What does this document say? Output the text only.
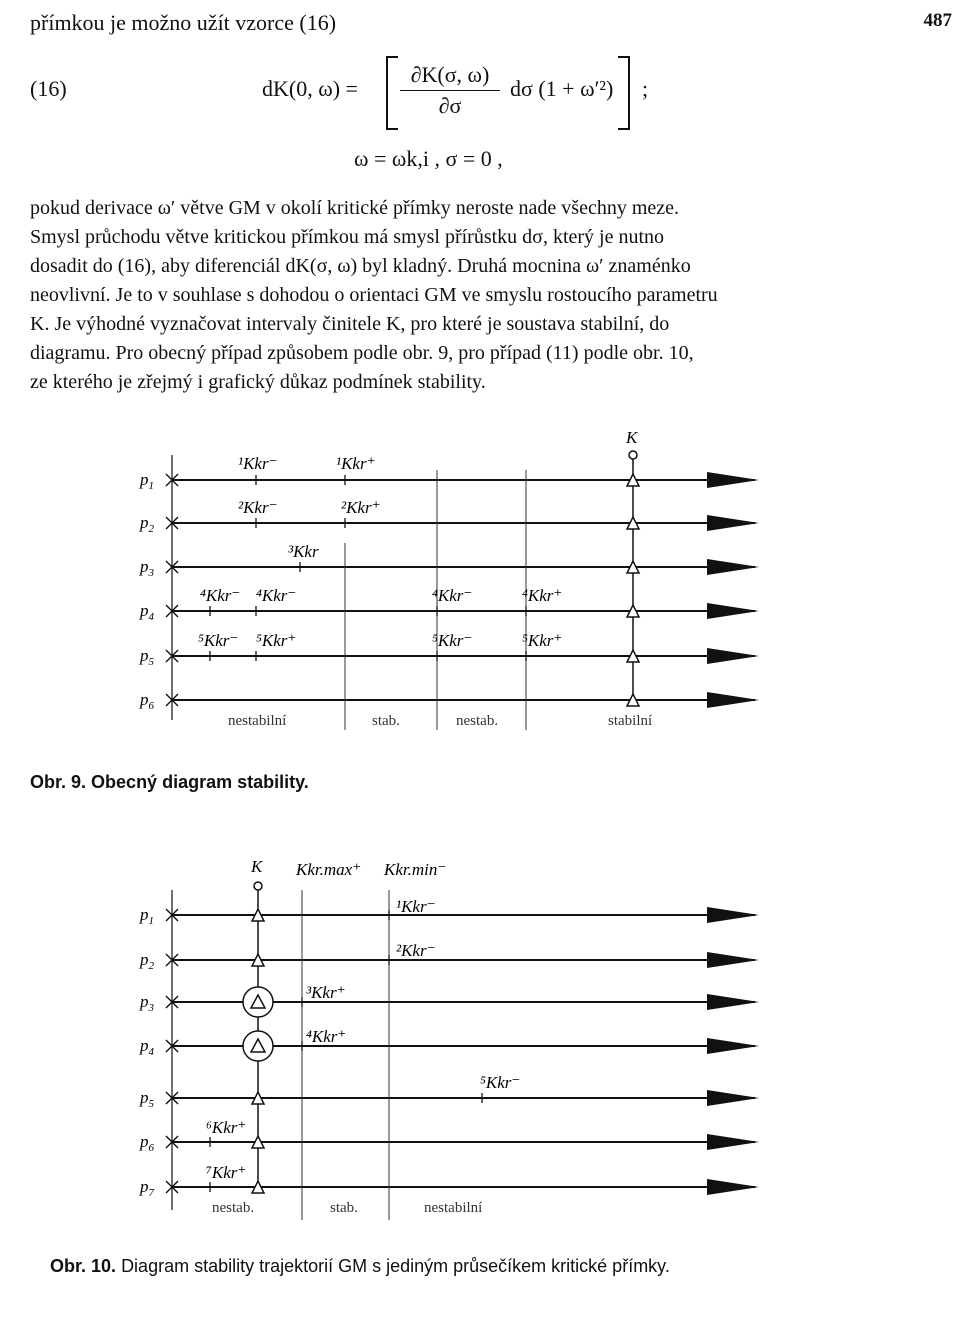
přímkou je možno užít vzorce (16)	487
(16)	dK(0, $\omega) = \frac{\partial K(\sigma, \omega)}{\partial\sigma}$ dσ (1 + ω′²) ;
ω = ωk,i , σ = 0 ,

pokud derivace ω′ větve GM v okolí kritické přímky neroste nade všechny meze.

Smysl průchodu větve kritickou přímkou má smysl přírůstku dσ, který je nutno

dosadit do (16), aby diferenciál dK(σ, ω) byl kladný. Druhá mocnina ω′ znaménko

neovlivní. Je to v souhlase s dohodou o orientaci GM ve smyslu rostoucího parametru

K. Je výhodné vyznačovat intervaly činitele K, pro které je soustava stabilní, do

diagramu. Pro obecný případ způsobem podle obr. 9, pro případ (11) podle obr. 10,

ze kterého je zřejmý i grafický důkaz podmínek stability.

$p_1$
$p_2$
$p_3$
$p_4$
$p_5$
$p_6$
¹Kkr⁻	¹Kkr⁺
²Kkr⁻	²Kkr⁺
³Kkr
⁴Kkr⁻ ⁴Kkr⁻	⁴Kkr⁻	⁴Kkr⁺
⁵Kkr⁻ ⁵Kkr⁺	⁵Kkr⁻	⁵Kkr⁺
K
nestabilní	stab.	nestab.	stabilní
Obr. 9. Obecný diagram stability.
$p_1$
$p_2$
$p_3$
$p_4$
$p_5$
$p_6$
$p_7$
Kkr.max⁺ Kkr.min⁻
¹Kkr⁻
²Kkr⁻
³Kkr⁺
⁴Kkr⁺
⁵Kkr⁻
⁶Kkr⁺
⁷Kkr⁺
K
nestab.	stab.	nestabilní
Obr. 10. Diagram stability trajektorií GM s jediným průsečíkem kritické přímky.
